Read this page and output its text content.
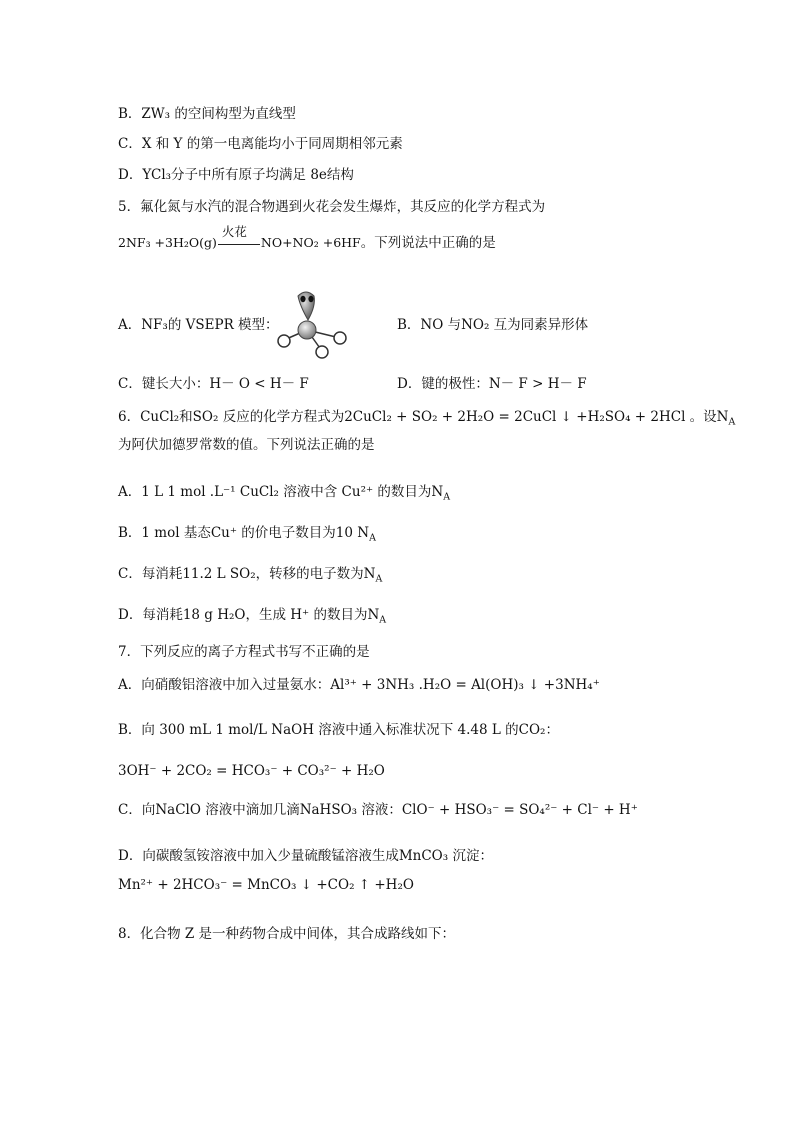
B．ZW₃ 的空间构型为直线型
C．X 和 Y 的第一电离能均小于同周期相邻元素
D．YCl₃分子中所有原子均满足 8e结构
5．氟化氮与水汽的混合物遇到火花会发生爆炸，其反应的化学方程式为
2NF₃ +3H₂O(g)
火花
NO+NO₂ +6HF。下列说法中正确的是
A．NF₃的 VSEPR 模型：	B．NO 与NO₂ 互为同素异形体
C．键长大小：H－ O < H－ F	D．键的极性：N－ F > H－ F
6．CuCl₂和SO₂ 反应的化学方程式为2CuCl₂ + SO₂ + 2H₂O = 2CuCl ↓ +H₂SO₄ + 2HCl 。设$N_A$
为阿伏加德罗常数的值。下列说法正确的是
A．1 L 1 mol .L⁻¹ CuCl₂ 溶液中含 Cu²⁺ 的数目为$N_A$
B．1 mol 基态Cu⁺ 的价电子数目为10 $N_A$
C．每消耗11.2 L SO₂，转移的电子数为$N_A$
D．每消耗18 g H₂O，生成 H⁺ 的数目为$N_A$
7．下列反应的离子方程式书写不正确的是
A．向硝酸铝溶液中加入过量氨水：Al³⁺ + 3NH₃ .H₂O = Al(OH)₃ ↓ +3NH₄⁺
B．向 300 mL 1 mol/L NaOH 溶液中通入标准状况下 4.48 L 的CO₂：
3OH⁻ + 2CO₂ = HCO₃⁻ + CO₃²⁻ + H₂O
C．向NaClO 溶液中滴加几滴NaHSO₃ 溶液：ClO⁻ + HSO₃⁻ = SO₄²⁻ + Cl⁻ + H⁺
D．向碳酸氢铵溶液中加入少量硫酸锰溶液生成MnCO₃ 沉淀：
Mn²⁺ + 2HCO₃⁻ = MnCO₃ ↓ +CO₂ ↑ +H₂O
8．化合物 Z 是一种药物合成中间体，其合成路线如下：
